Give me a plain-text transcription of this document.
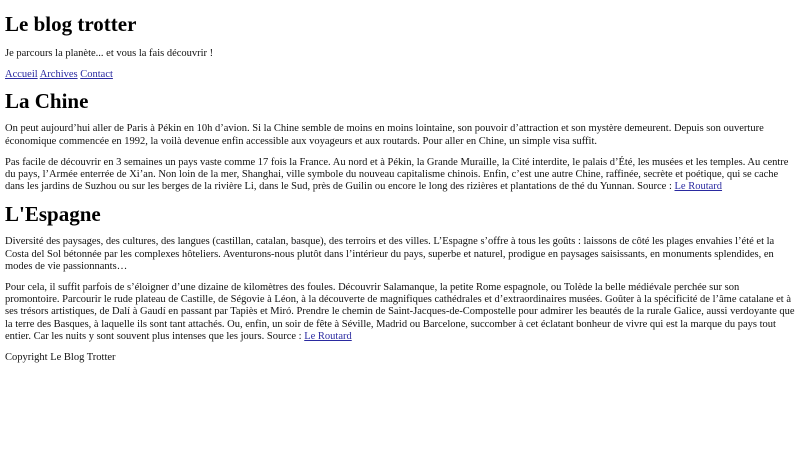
Le blog trotter

Je parcours la planète... et vous la fais découvrir !

Accueil Archives Contact
La Chine

On peut aujourd’hui aller de Paris à Pékin en 10h d’avion. Si la Chine semble de moins en moins lointaine, son pouvoir d’attraction et son mystère demeurent. Depuis son ouverture économique commencée en 1992, la voilà devenue enfin accessible aux voyageurs et aux routards. Pour aller en Chine, un simple visa suffit.

Pas facile de découvrir en 3 semaines un pays vaste comme 17 fois la France. Au nord et à Pékin, la Grande Muraille, la Cité interdite, le palais d’Été, les musées et les temples. Au centre du pays, l’Armée enterrée de Xi’an. Non loin de la mer, Shanghai, ville symbole du nouveau capitalisme chinois. Enfin, c’est une autre Chine, raffinée, secrète et poétique, qui se cache dans les jardins de Suzhou ou sur les berges de la rivière Li, dans le Sud, près de Guilin ou encore le long des rizières et plantations de thé du Yunnan. Source : Le Routard

L'Espagne

Diversité des paysages, des cultures, des langues (castillan, catalan, basque), des terroirs et des villes. L’Espagne s’offre à tous les goûts : laissons de côté les plages envahies l’été et la Costa del Sol bétonnée par les complexes hôteliers. Aventurons-nous plutôt dans l’intérieur du pays, superbe et naturel, prodigue en paysages saisissants, en monuments splendides, en modes de vie passionnants…

Pour cela, il suffit parfois de s’éloigner d’une dizaine de kilomètres des foules. Découvrir Salamanque, la petite Rome espagnole, ou Tolède la belle médiévale perchée sur son promontoire. Parcourir le rude plateau de Castille, de Ségovie à Léon, à la découverte de magnifiques cathédrales et d’extraordinaires musées. Goûter à la spécificité de l’âme catalane et à ses trésors artistiques, de Dalí à Gaudí en passant par Tapiès et Miró. Prendre le chemin de Saint-Jacques-de-Compostelle pour admirer les beautés de la rurale Galice, aussi verdoyante que la terre des Basques, à laquelle ils sont tant attachés. Ou, enfin, un soir de fête à Séville, Madrid ou Barcelone, succomber à cet éclatant bonheur de vivre qui est la marque du pays tout entier. Car les nuits y sont souvent plus intenses que les jours. Source : Le Routard

Copyright Le Blog Trotter
